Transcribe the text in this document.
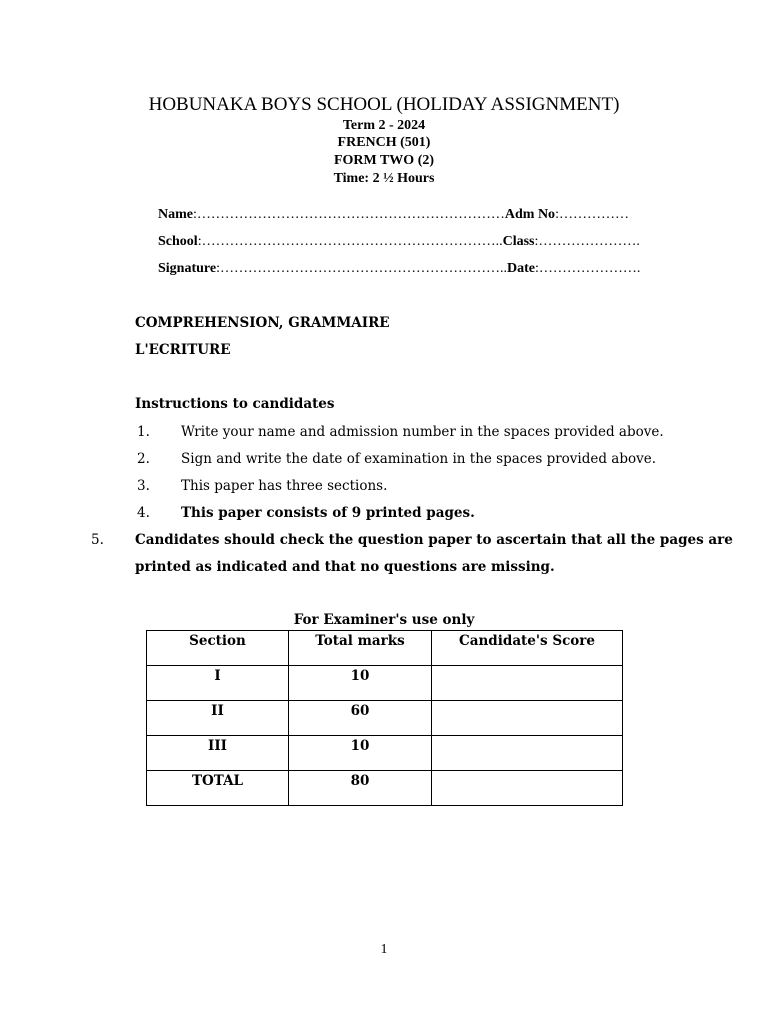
HOBUNAKA BOYS SCHOOL (HOLIDAY ASSIGNMENT)
Term 2 - 2024
FRENCH (501)
FORM TWO (2)
Time: 2 ½ Hours
Name:…………………………………………………………Adm No:……………
School:………………………………………………………..Class:………………….
Signature:……………………………………………………..Date:………………….
COMPREHENSION, GRAMMAIRE
L'ECRITURE
Instructions to candidates
1. Write your name and admission number in the spaces provided above.
2. Sign and write the date of examination in the spaces provided above.
3. This paper has three sections.
4. This paper consists of 9 printed pages.
5. Candidates should check the question paper to ascertain that all the pages are
printed as indicated and that no questions are missing.
For Examiner's use only
Section	Total marks	Candidate's Score
I	10	
II	60	
III	10	
TOTAL	80	
1
